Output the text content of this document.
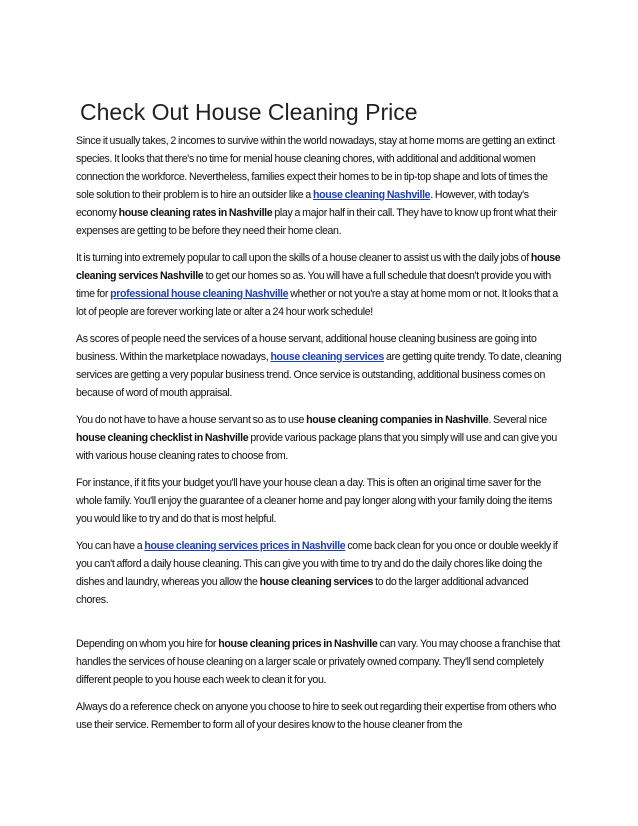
Check Out House Cleaning Price

Since it usually takes, 2 incomes to survive within the world nowadays, stay at home moms are getting an extinct species. It looks that there's no time for menial house cleaning chores, with additional and additional women connection the workforce. Nevertheless, families expect their homes to be in tip-top shape and lots of times the sole solution to their problem is to hire an outsider like a house cleaning Nashville. However, with today's economy house cleaning rates in Nashville play a major half in their call. They have to know up front what their expenses are getting to be before they need their home clean.

It is turning into extremely popular to call upon the skills of a house cleaner to assist us with the daily jobs of house cleaning services Nashville to get our homes so as. You will have a full schedule that doesn't provide you with time for professional house cleaning Nashville whether or not you're a stay at home mom or not. It looks that a lot of people are forever working late or alter a 24 hour work schedule!

As scores of people need the services of a house servant, additional house cleaning business are going into business. Within the marketplace nowadays, house cleaning services are getting quite trendy. To date, cleaning services are getting a very popular business trend. Once service is outstanding, additional business comes on because of word of mouth appraisal.

You do not have to have a house servant so as to use house cleaning companies in Nashville. Several nice house cleaning checklist in Nashville provide various package plans that you simply will use and can give you with various house cleaning rates to choose from.

For instance, if it fits your budget you'll have your house clean a day. This is often an original time saver for the whole family. You'll enjoy the guarantee of a cleaner home and pay longer along with your family doing the items you would like to try and do that is most helpful.

You can have a house cleaning services prices in Nashville come back clean for you once or double weekly if you can't afford a daily house cleaning. This can give you with time to try and do the daily chores like doing the dishes and laundry, whereas you allow the house cleaning services to do the larger additional advanced chores.

Depending on whom you hire for house cleaning prices in Nashville can vary. You may choose a franchise that handles the services of house cleaning on a larger scale or privately owned company. They'll send completely different people to you house each week to clean it for you.

Always do a reference check on anyone you choose to hire to seek out regarding their expertise from others who use their service. Remember to form all of your desires know to the house cleaner from the
